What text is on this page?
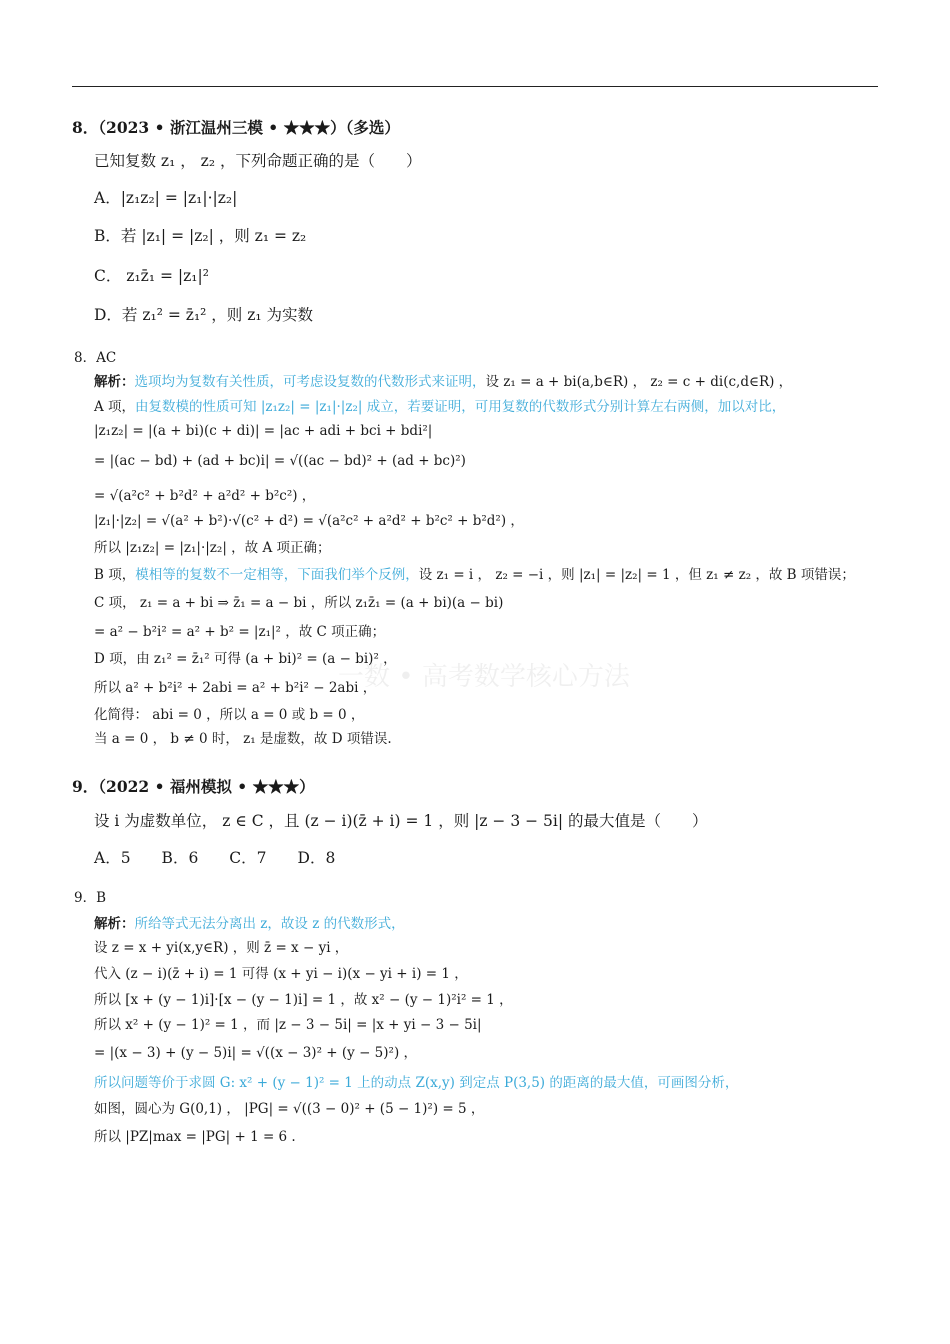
8．（2023 • 浙江温州三模 • ★★★）（多选）
已知复数 z₁ ， z₂ ，下列命题正确的是（　　）
A．|z₁z₂| = |z₁|·|z₂|
B．若 |z₁| = |z₂| ，则 z₁ = z₂
C． z₁z̄₁ = |z₁|²
D．若 z₁² = z̄₁² ，则 z₁ 为实数
8．AC
解析：选项均为复数有关性质，可考虑设复数的代数形式来证明，设 z₁ = a + bi(a,b∈R) ， z₂ = c + di(c,d∈R) ，
A 项，由复数模的性质可知 |z₁z₂| = |z₁|·|z₂| 成立，若要证明，可用复数的代数形式分别计算左右两侧，加以对比，
|z₁z₂| = |(a + bi)(c + di)| = |ac + adi + bci + bdi²|
= |(ac − bd) + (ad + bc)i| = √((ac − bd)² + (ad + bc)²)
= √(a²c² + b²d² + a²d² + b²c²) ，
|z₁|·|z₂| = √(a² + b²)·√(c² + d²) = √(a²c² + a²d² + b²c² + b²d²) ，
所以 |z₁z₂| = |z₁|·|z₂| ，故 A 项正确；
B 项，模相等的复数不一定相等，下面我们举个反例，设 z₁ = i ， z₂ = −i ，则 |z₁| = |z₂| = 1 ，但 z₁ ≠ z₂ ，故 B 项错误；
C 项， z₁ = a + bi ⇒ z̄₁ = a − bi ，所以 z₁z̄₁ = (a + bi)(a − bi)
= a² − b²i² = a² + b² = |z₁|² ，故 C 项正确；
D 项，由 z₁² = z̄₁² 可得 (a + bi)² = (a − bi)² ，
所以 a² + b²i² + 2abi = a² + b²i² − 2abi ，
化简得： abi = 0 ，所以 a = 0 或 b = 0 ，
当 a = 0 ， b ≠ 0 时， z₁ 是虚数，故 D 项错误.
一数 • 高考数学核心方法
9．（2022 • 福州模拟 • ★★★）
设 i 为虚数单位， z ∈ C ，且 (z − i)(z̄ + i) = 1 ，则 |z − 3 − 5i| 的最大值是（　　）
A．5　　B．6　　C．7　　D．8
9．B
解析：所给等式无法分离出 z，故设 z 的代数形式，
设 z = x + yi(x,y∈R) ，则 z̄ = x − yi ，
代入 (z − i)(z̄ + i) = 1 可得 (x + yi − i)(x − yi + i) = 1 ，
所以 [x + (y − 1)i]·[x − (y − 1)i] = 1 ，故 x² − (y − 1)²i² = 1 ，
所以 x² + (y − 1)² = 1 ，而 |z − 3 − 5i| = |x + yi − 3 − 5i|
= |(x − 3) + (y − 5)i| = √((x − 3)² + (y − 5)²) ，
所以问题等价于求圆 G: x² + (y − 1)² = 1 上的动点 Z(x,y) 到定点 P(3,5) 的距离的最大值，可画图分析，
如图，圆心为 G(0,1) ， |PG| = √((3 − 0)² + (5 − 1)²) = 5 ，
所以 |PZ|max = |PG| + 1 = 6 .
